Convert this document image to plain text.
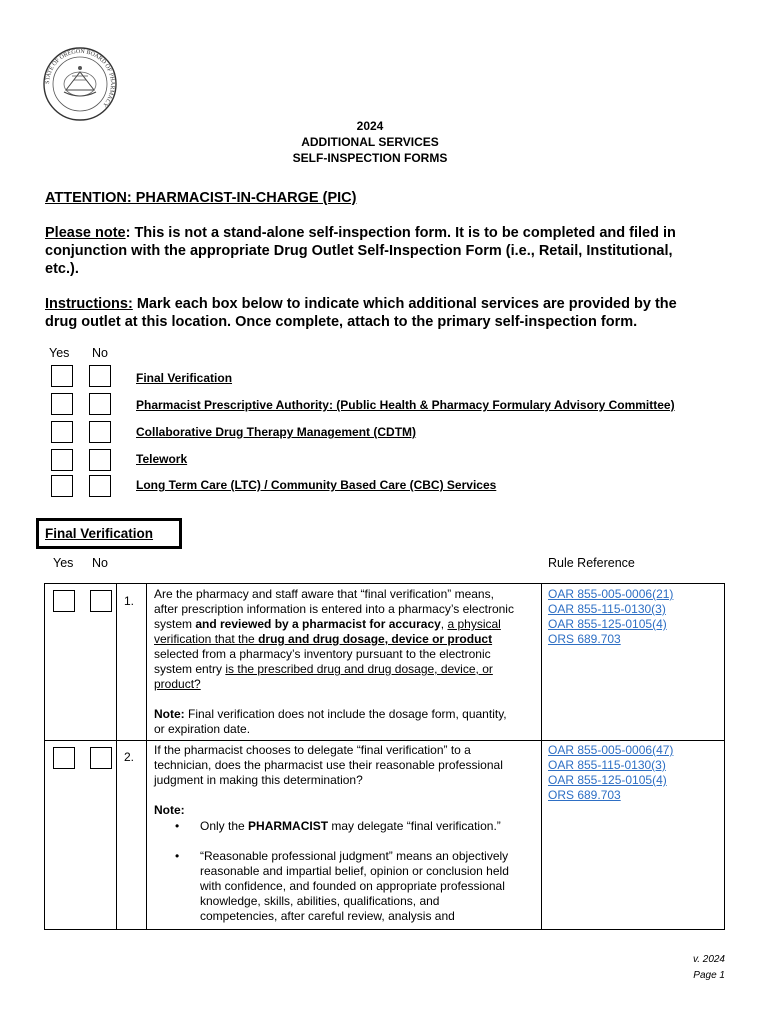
STATE OF OREGON BOARD OF PHARMACY
2024
ADDITIONAL SERVICES
SELF-INSPECTION FORMS
ATTENTION: PHARMACIST-IN-CHARGE (PIC)
Please note: This is not a stand-alone self-inspection form. It is to be completed and filed in
conjunction with the appropriate Drug Outlet Self-Inspection Form (i.e., Retail, Institutional,
etc.).
Instructions: Mark each box below to indicate which additional services are provided by the
drug outlet at this location. Once complete, attach to the primary self-inspection form.
Yes No
Final Verification
Pharmacist Prescriptive Authority: (Public Health & Pharmacy Formulary Advisory Committee)
Collaborative Drug Therapy Management (CDTM)
Telework
Long Term Care (LTC) / Community Based Care (CBC) Services
Final Verification
Yes No	Rule Reference
1. Are the pharmacy and staff aware that “final verification” means,
after prescription information is entered into a pharmacy’s electronic
system and reviewed by a pharmacist for accuracy, a physical
verification that the drug and drug dosage, device or product
selected from a pharmacy’s inventory pursuant to the electronic
system entry is the prescribed drug and drug dosage, device, or
product?
Note: Final verification does not include the dosage form, quantity,
or expiration date.
OAR 855-005-0006(21)
OAR 855-115-0130(3)
OAR 855-125-0105(4)
ORS 689.703
2. If the pharmacist chooses to delegate “final verification” to a
technician, does the pharmacist use their reasonable professional
judgment in making this determination?
Note:
• Only the PHARMACIST may delegate “final verification.”
• “Reasonable professional judgment” means an objectively
reasonable and impartial belief, opinion or conclusion held
with confidence, and founded on appropriate professional
knowledge, skills, abilities, qualifications, and
competencies, after careful review, analysis and
OAR 855-005-0006(47)
OAR 855-115-0130(3)
OAR 855-125-0105(4)
ORS 689.703
v. 2024
Page 1
